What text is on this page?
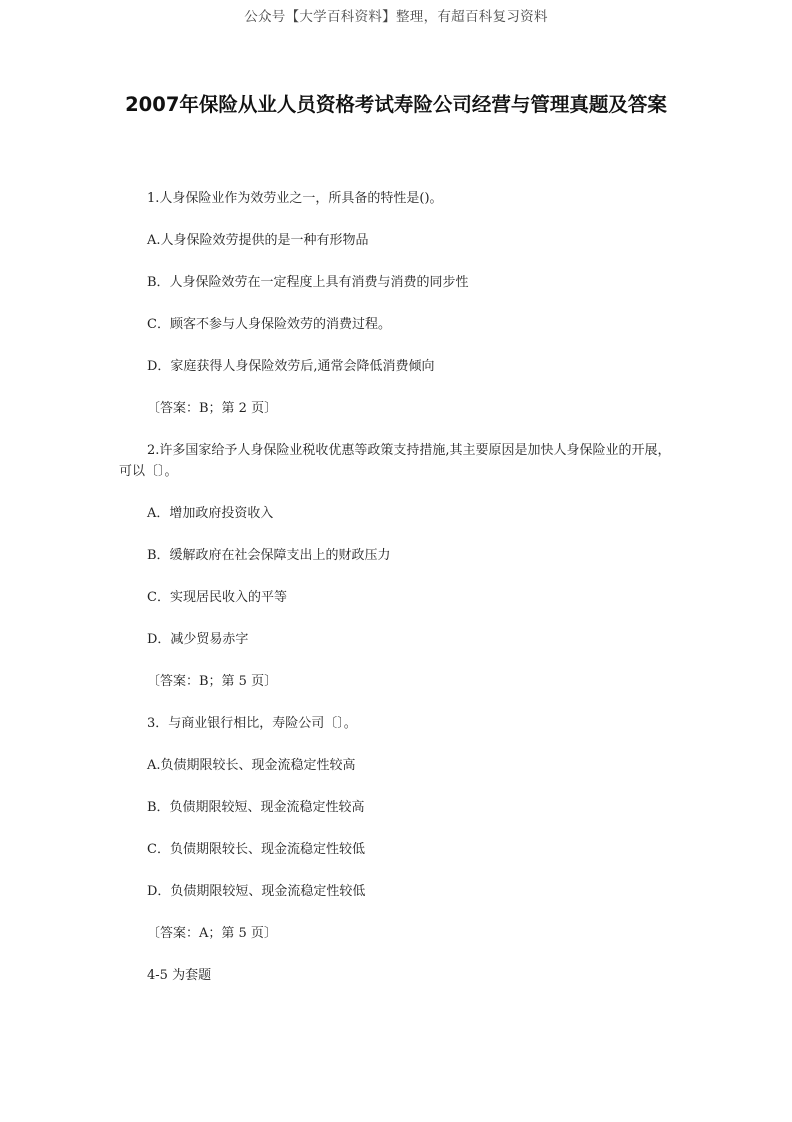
公众号【大学百科资料】整理，有超百科复习资料
2007年保险从业人员资格考试寿险公司经营与管理真题及答案

1.人身保险业作为效劳业之一，所具备的特性是()。

A.人身保险效劳提供的是一种有形物品

B．人身保险效劳在一定程度上具有消费与消费的同步性

C．顾客不参与人身保险效劳的消费过程。

D．家庭获得人身保险效劳后,通常会降低消费倾向

〔答案：B；第 2 页〕

2.许多国家给予人身保险业税收优惠等政策支持措施,其主要原因是加快人身保险业的开展，可以〔〕。

A．增加政府投资收入

B．缓解政府在社会保障支出上的财政压力

C．实现居民收入的平等

D．减少贸易赤字

〔答案：B；第 5 页〕

3．与商业银行相比，寿险公司〔〕。

A.负债期限较长、现金流稳定性较高

B．负债期限较短、现金流稳定性较高

C．负债期限较长、现金流稳定性较低

D．负债期限较短、现金流稳定性较低

〔答案：A；第 5 页〕

4-5 为套题
